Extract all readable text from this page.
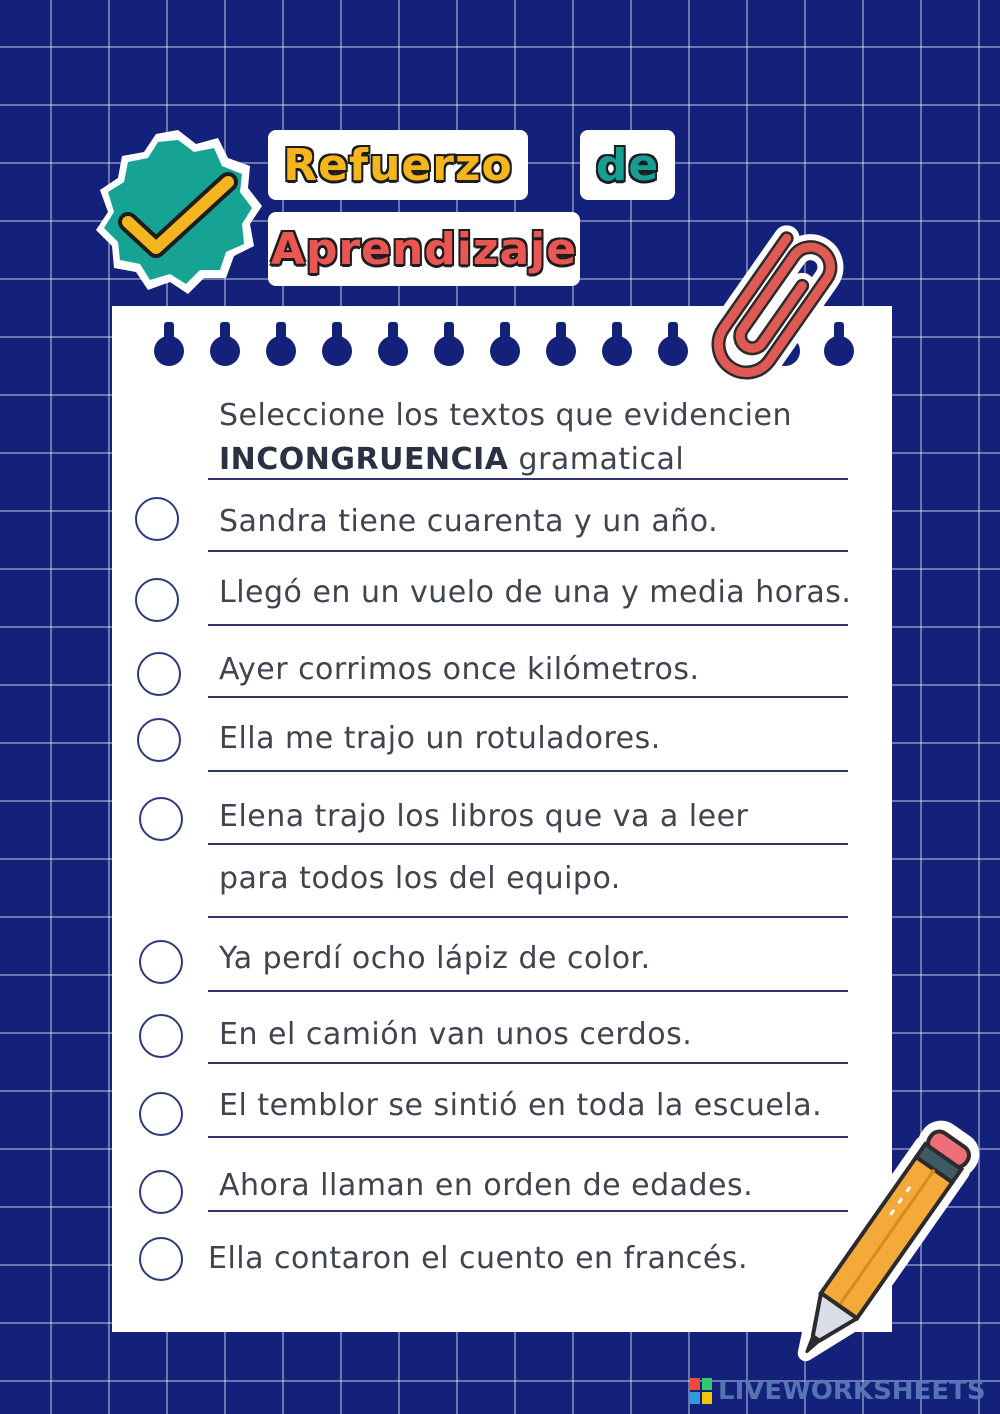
Refuerzo	de
Aprendizaje
Seleccione los textos que evidencien
INCONGRUENCIA gramatical
Sandra tiene cuarenta y un año.
Llegó en un vuelo de una y media horas.
Ayer corrimos once kilómetros.
Ella me trajo un rotuladores.
Elena trajo los libros que va a leer
para todos los del equipo.
Ya perdí ocho lápiz de color.
En el camión van unos cerdos.
El temblor se sintió en toda la escuela.
Ahora llaman en orden de edades.
Ella contaron el cuento en francés.
LIVEWORKSHEETS
